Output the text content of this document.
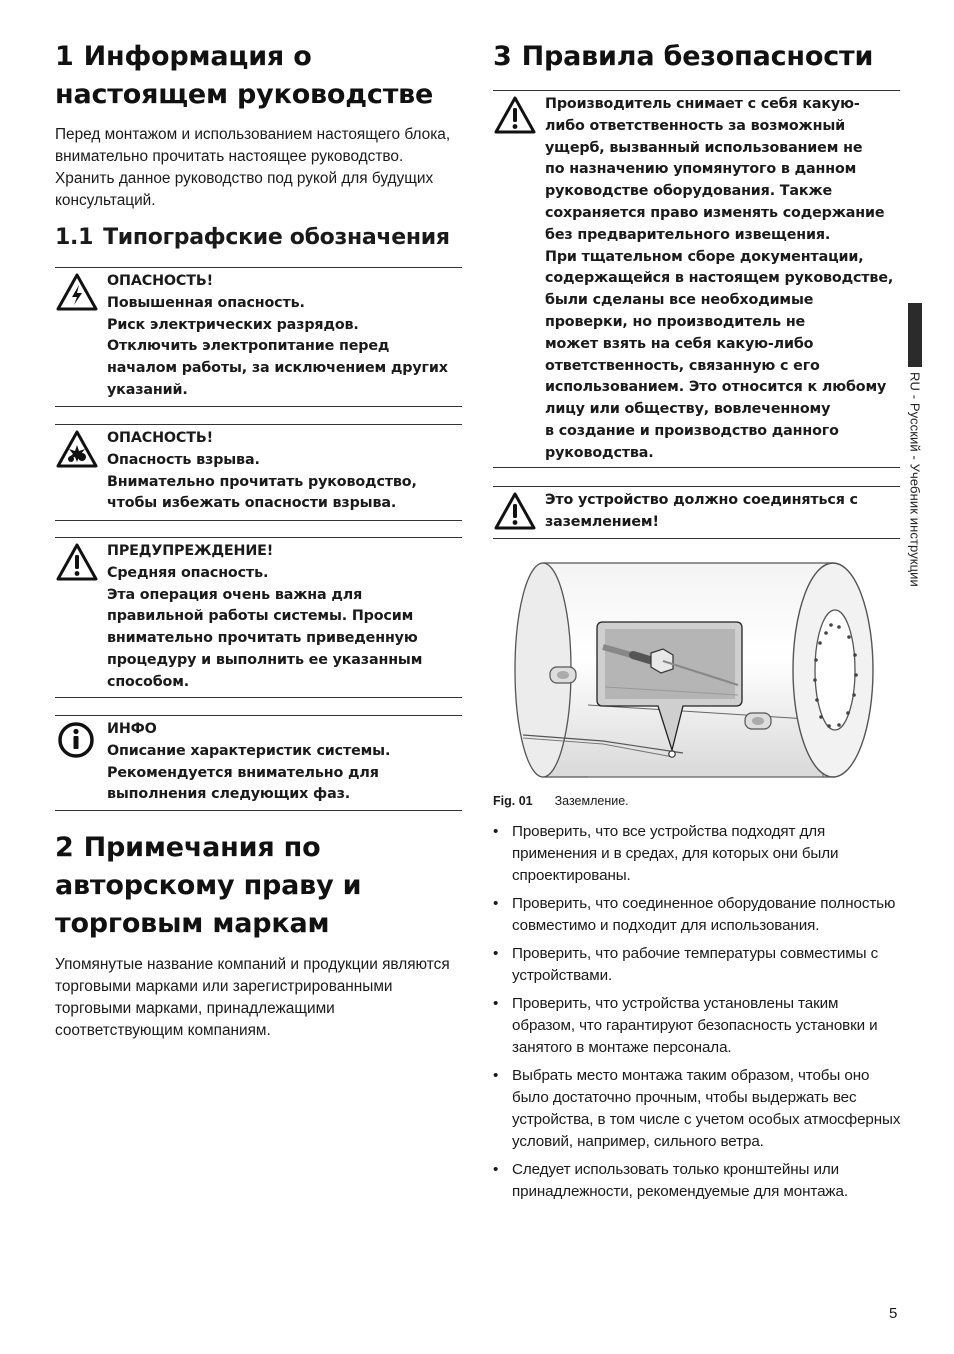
1 Информация о
настоящем руководстве

Перед монтажом и использованием настоящего блока, внимательно прочитать настоящее руководство. Хранить данное руководство под рукой для будущих консультаций.

1.1 Типографские обозначения
ОПАСНОСТЬ!
Повышенная опасность.
Риск электрических разрядов.
Отключить электропитание перед
началом работы, за исключением других
указаний.
ОПАСНОСТЬ!
Опасность взрыва.
Внимательно прочитать руководство,
чтобы избежать опасности взрыва.
ПРЕДУПРЕЖДЕНИЕ!
Средняя опасность.
Эта операция очень важна для
правильной работы системы. Просим
внимательно прочитать приведенную
процедуру и выполнить ее указанным
способом.
ИНФО
Описание характеристик системы.
Рекомендуется внимательно для
выполнения следующих фаз.
2 Примечания по
авторскому праву и
торговым маркам

Упомянутые название компаний и продукции являются торговыми марками или зарегистрированными торговыми марками, принадлежащими соответствующим компаниям.

3 Правила безопасности
Производитель снимает с себя какую-
либо ответственность за возможный
ущерб, вызванный использованием не
по назначению упомянутого в данном
руководстве оборудования. Также
сохраняется право изменять содержание
без предварительного извещения.
При тщательном сборе документации,
содержащейся в настоящем руководстве,
были сделаны все необходимые
проверки, но производитель не
может взять на себя какую-либо
ответственность, связанную с его
использованием. Это относится к любому
лицу или обществу, вовлеченному
в создание и производство данного
руководства.
Это устройство должно соединяться с
заземлением!
Fig. 01 Заземление.
• Проверить, что все устройства подходят для применения и в средах, для которых они были спроектированы.
• Проверить, что соединенное оборудование полностью совместимо и подходит для использования.
• Проверить, что рабочие температуры совместимы с устройствами.
• Проверить, что устройства установлены таким образом, что гарантируют безопасность установки и занятого в монтаже персонала.
• Выбрать место монтажа таким образом, чтобы оно было достаточно прочным, чтобы выдержать вес устройства, в том числе с учетом особых атмосферных условий, например, сильного ветра.
• Следует использовать только кронштейны или принадлежности, рекомендуемые для монтажа.
RU - Русский - Учебник инструкции
5
